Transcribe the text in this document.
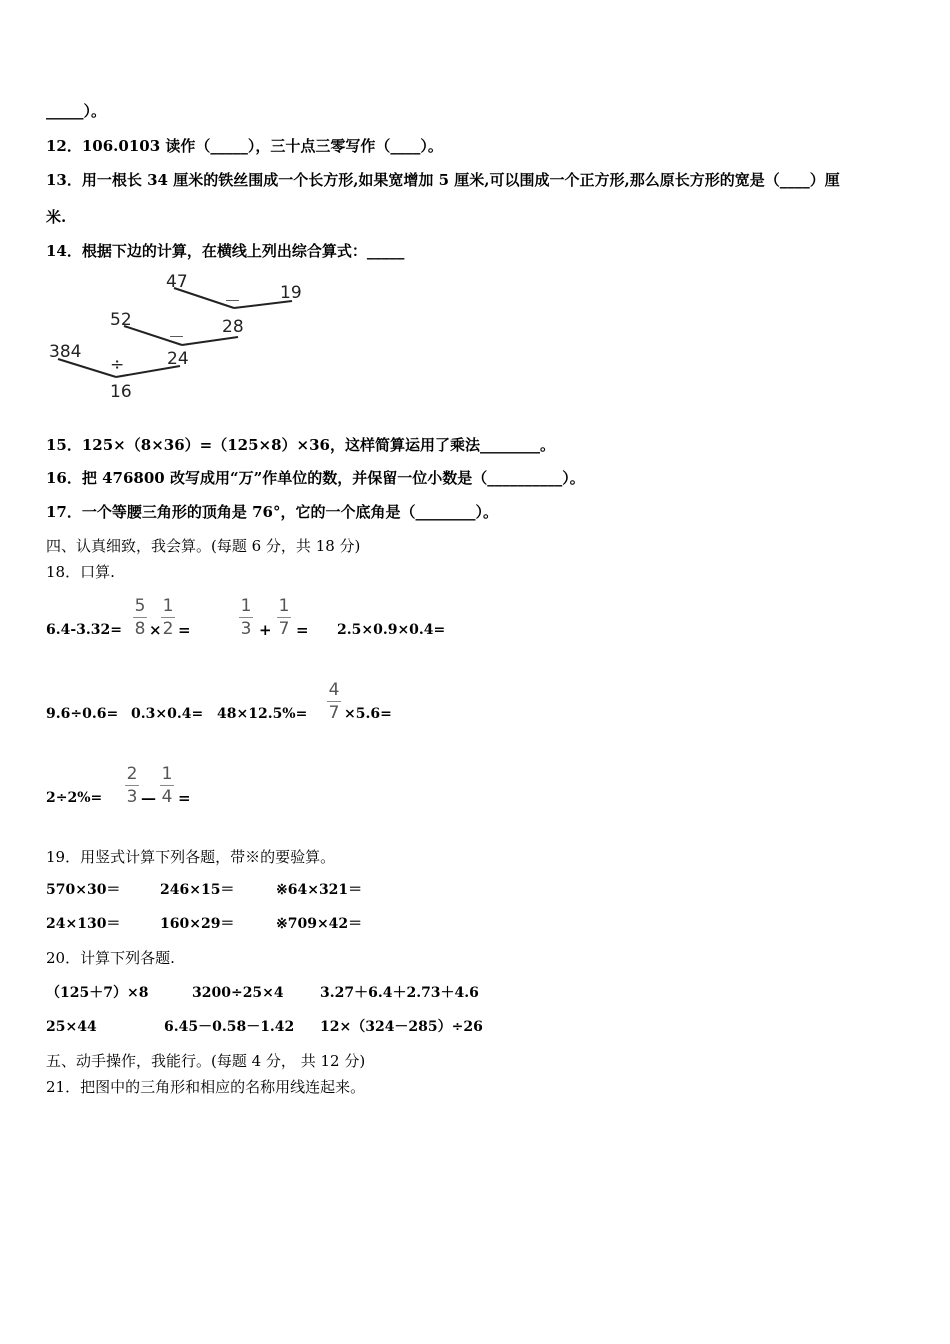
_____）。
12．106.0103 读作（_____），三十点三零写作（____）。
13．用一根长 34 厘米的铁丝围成一个长方形,如果宽增加 5 厘米,可以围成一个正方形,那么原长方形的宽是（____）厘
米.
14．根据下边的计算，在横线上列出综合算式：_____
47
19
－
28
52
－
24
384
÷
16
15．125×（8×36）=（125×8）×36，这样简算运用了乘法________。
16．把 476800 改写成用“万”作单位的数，并保留一位小数是（__________）。
17．一个等腰三角形的顶角是 76°，它的一个底角是（________）。
四、认真细致，我会算。(每题 6 分，共 18 分)
18．口算.
6.4-3.32=
5
8 ×
1
2 =
1
3 +
1
7 = 2.5×0.9×0.4=
9.6÷0.6= 0.3×0.4= 48×12.5%=
4
7 ×5.6=
2÷2%=
2
3 —
1
4 =
19．用竖式计算下列各题，带※的要验算。
570×30＝	246×15＝	※64×321＝
24×130＝	160×29＝	※709×42＝
20．计算下列各题.
（125＋7）×8	3200÷25×4	3.27＋6.4＋2.73＋4.6
25×44	6.45－0.58－1.42 12×（324－285）÷26
五、动手操作，我能行。(每题 4 分， 共 12 分)
21．把图中的三角形和相应的名称用线连起来。
